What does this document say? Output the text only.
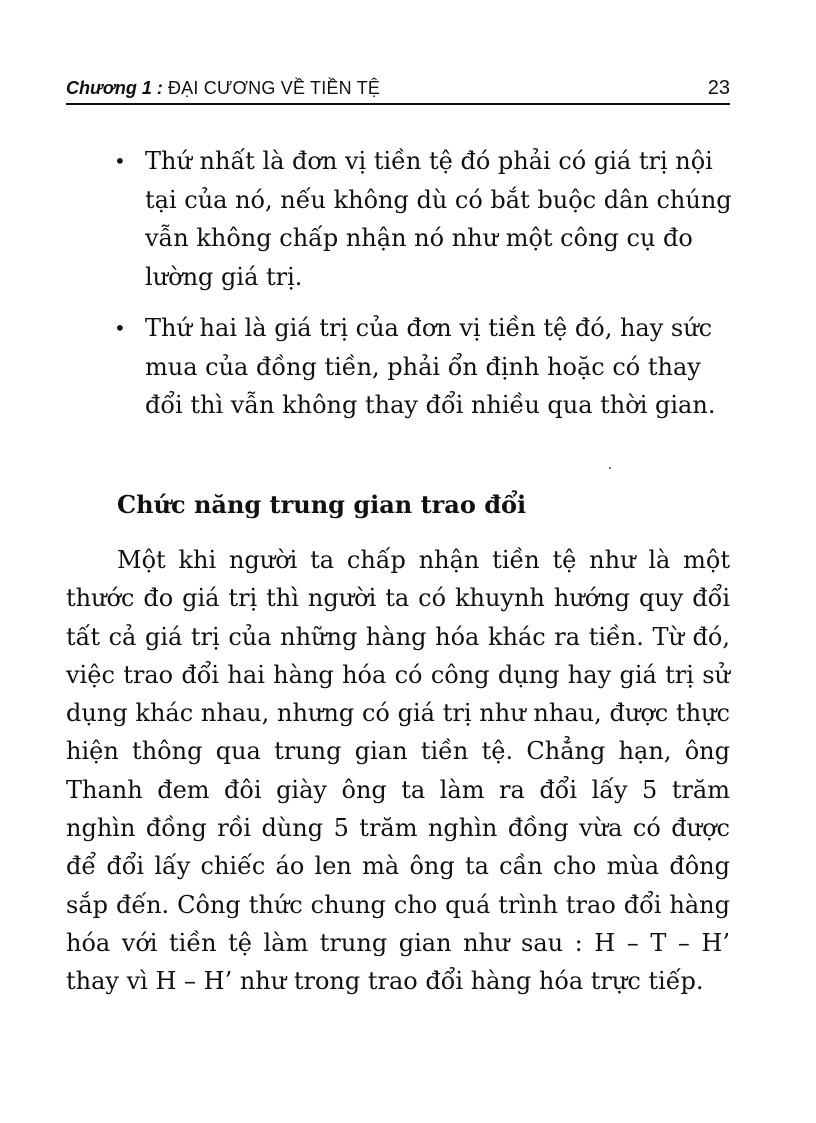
Chương 1 : ĐẠI CƯƠNG VỀ TIỀN TỆ	23
• Thứ nhất là đơn vị tiền tệ đó phải có giá trị nội tại của nó, nếu không dù có bắt buộc dân chúng vẫn không chấp nhận nó như một công cụ đo lường giá trị.
• Thứ hai là giá trị của đơn vị tiền tệ đó, hay sức mua của đồng tiền, phải ổn định hoặc có thay đổi thì vẫn không thay đổi nhiều qua thời gian.
Chức năng trung gian trao đổi

Một khi người ta chấp nhận tiền tệ như là một thước đo giá trị thì người ta có khuynh hướng quy đổi tất cả giá trị của những hàng hóa khác ra tiền. Từ đó, việc trao đổi hai hàng hóa có công dụng hay giá trị sử dụng khác nhau, nhưng có giá trị như nhau, được thực hiện thông qua trung gian tiền tệ. Chẳng hạn, ông Thanh đem đôi giày ông ta làm ra đổi lấy 5 trăm nghìn đồng rồi dùng 5 trăm nghìn đồng vừa có được để đổi lấy chiếc áo len mà ông ta cần cho mùa đông sắp đến. Công thức chung cho quá trình trao đổi hàng hóa với tiền tệ làm trung gian như sau : H – T – H’ thay vì H – H’ như trong trao đổi hàng hóa trực tiếp.
